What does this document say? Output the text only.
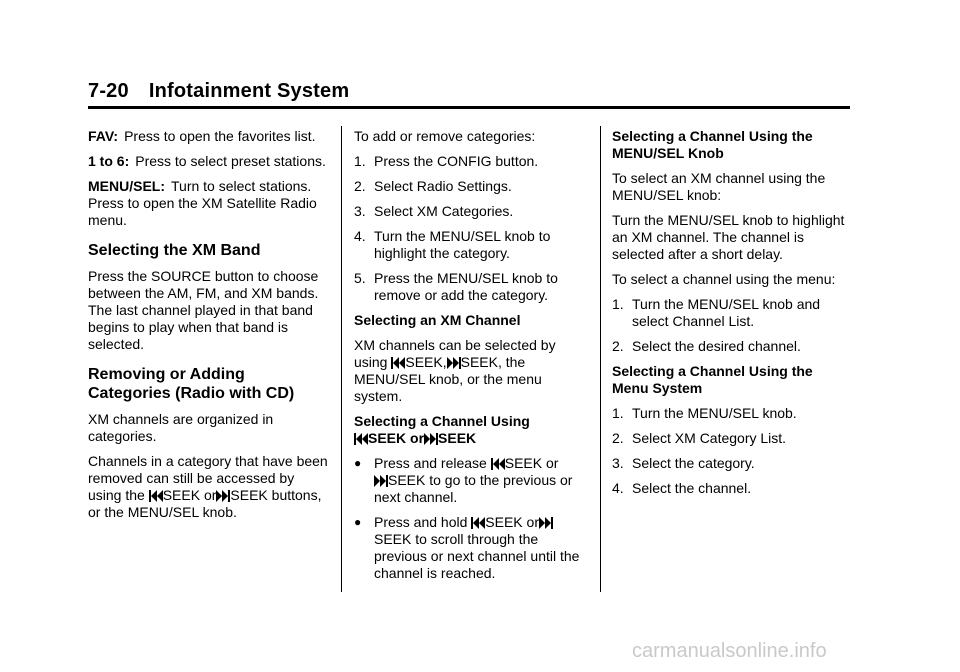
7-20 Infotainment System

FAV: Press to open the favorites list.

1 to 6: Press to select preset stations.

MENU/SEL: Turn to select stations. Press to open the XM Satellite Radio menu.

Selecting the XM Band

Press the SOURCE button to choose between the AM, FM, and XM bands. The last channel played in that band begins to play when that band is selected.

Removing or Adding Categories (Radio with CD)

XM channels are organized in categories.

Channels in a category that have been removed can still be accessed by using the SEEK or SEEK buttons, or the MENU/SEL knob.

To add or remove categories:

1. Press the CONFIG button.
2. Select Radio Settings.
3. Select XM Categories.
4. Turn the MENU/SEL knob to highlight the category.
5. Press the MENU/SEL knob to remove or add the category.

Selecting an XM Channel

XM channels can be selected by using SEEK, SEEK, the MENU/SEL knob, or the menu system.

Selecting a Channel Using
SEEK or SEEK

● Press and release SEEK or
SEEK to go to the previous or next channel.
● Press and hold SEEK or
SEEK to scroll through the previous or next channel until the channel is reached.

Selecting a Channel Using the MENU/SEL Knob

To select an XM channel using the MENU/SEL knob:

Turn the MENU/SEL knob to highlight an XM channel. The channel is selected after a short delay.

To select a channel using the menu:

1. Turn the MENU/SEL knob and select Channel List.
2. Select the desired channel.

Selecting a Channel Using the Menu System

1. Turn the MENU/SEL knob.
2. Select XM Category List.
3. Select the category.
4. Select the channel.
carmanualsonline.info
